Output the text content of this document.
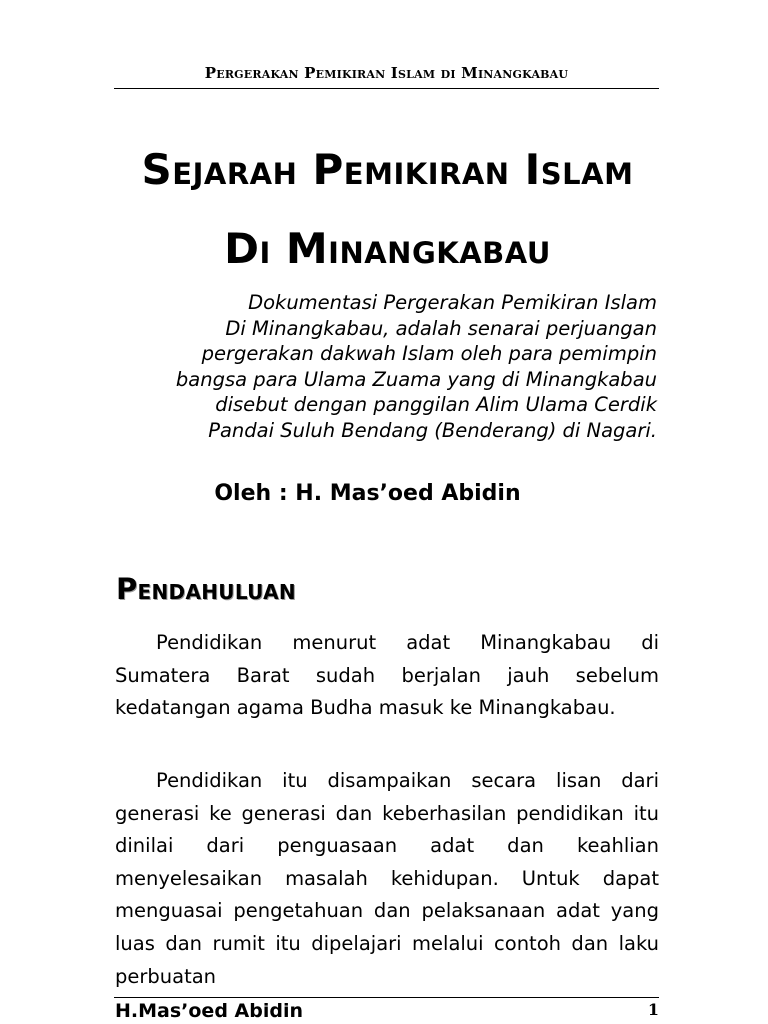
Pergerakan Pemikiran Islam di Minangkabau
Sejarah Pemikiran Islam
Di Minangkabau
Dokumentasi Pergerakan Pemikiran Islam
Di Minangkabau, adalah senarai perjuangan
pergerakan dakwah Islam oleh para pemimpin
bangsa para Ulama Zuama yang di Minangkabau
disebut dengan panggilan Alim Ulama Cerdik
Pandai Suluh Bendang (Benderang) di Nagari.
Oleh : H. Mas’oed Abidin
Pendahuluan

Pendidikan menurut adat Minangkabau di Sumatera Barat sudah berjalan jauh sebelum kedatangan agama Budha masuk ke Minangkabau.

Pendidikan itu disampaikan secara lisan dari generasi ke generasi dan keberhasilan pendidikan itu dinilai dari penguasaan adat dan keahlian menyelesaikan masalah kehidupan. Untuk dapat menguasai pengetahuan dan pelaksanaan adat yang luas dan rumit itu dipelajari melalui contoh dan laku perbuatan

H.Mas’oed Abidin	1
